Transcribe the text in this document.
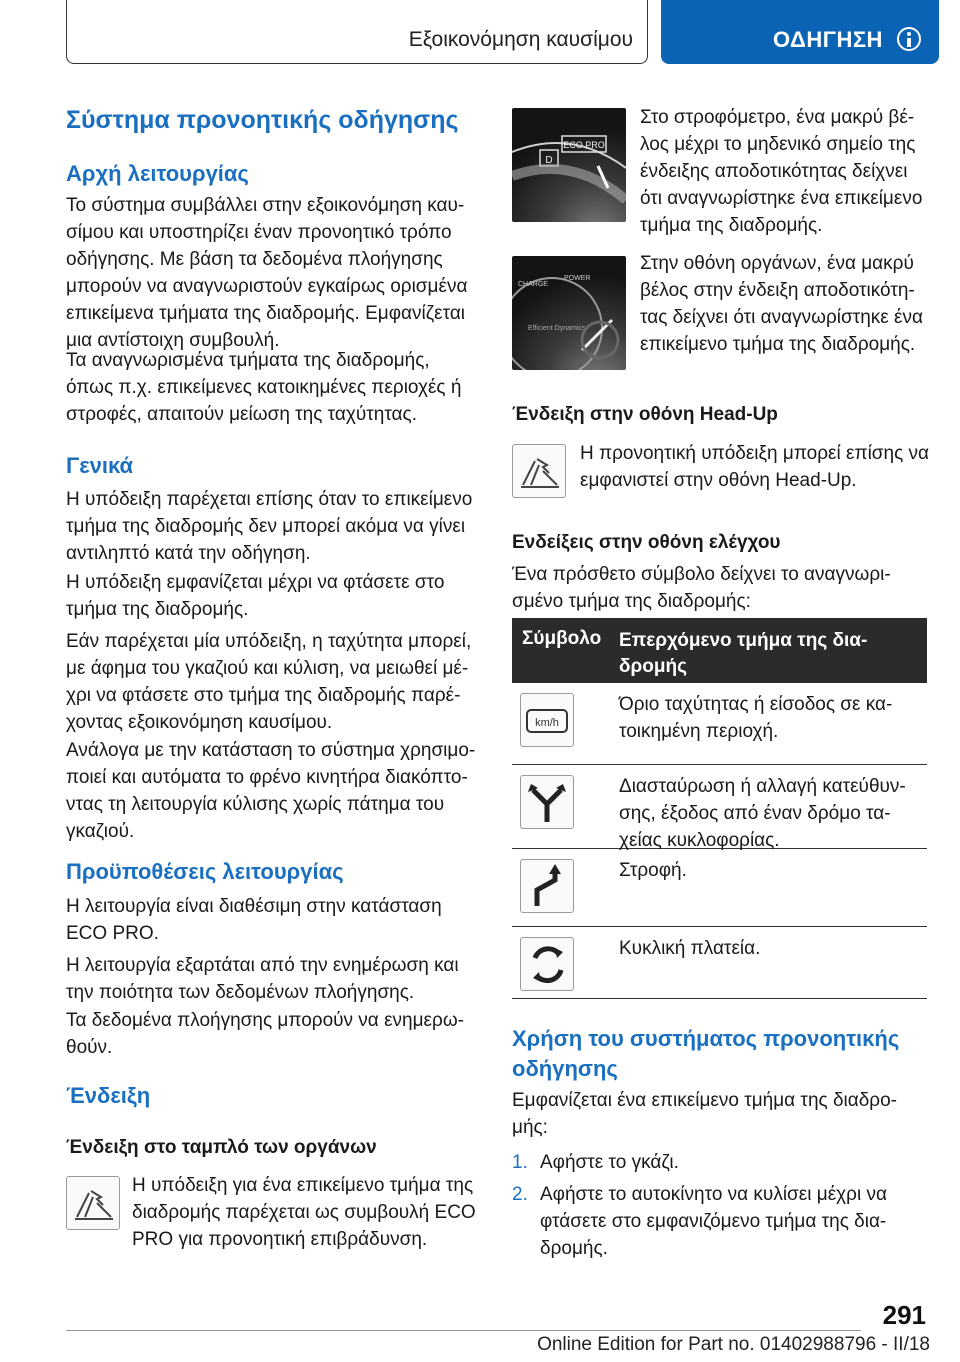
Εξοικονόμηση καυσίμου	ΟΔΗΓΗΣΗ
Σύστημα προνοητικής οδήγησης
Αρχή λειτουργίας
Το σύστημα συμβάλλει στην εξοικονόμηση καυ-σίμου και υποστηρίζει έναν προνοητικό τρόπο οδήγησης. Με βάση τα δεδομένα πλοήγησης μπορούν να αναγνωριστούν εγκαίρως ορισμένα επικείμενα τμήματα της διαδρομής. Εμφανίζεται μια αντίστοιχη συμβουλή.
Τα αναγνωρισμένα τμήματα της διαδρομής, όπως π.χ. επικείμενες κατοικημένες περιοχές ή στροφές, απαιτούν μείωση της ταχύτητας.
Γενικά
Η υπόδειξη παρέχεται επίσης όταν το επικείμενο τμήμα της διαδρομής δεν μπορεί ακόμα να γίνει αντιληπτό κατά την οδήγηση.
Η υπόδειξη εμφανίζεται μέχρι να φτάσετε στο τμήμα της διαδρομής.
Εάν παρέχεται μία υπόδειξη, η ταχύτητα μπορεί, με άφημα του γκαζιού και κύλιση, να μειωθεί μέ-χρι να φτάσετε στο τμήμα της διαδρομής παρέ-χοντας εξοικονόμηση καυσίμου.
Ανάλογα με την κατάσταση το σύστημα χρησιμο-ποιεί και αυτόματα το φρένο κινητήρα διακόπτο-ντας τη λειτουργία κύλισης χωρίς πάτημα του γκαζιού.
Προϋποθέσεις λειτουργίας
Η λειτουργία είναι διαθέσιμη στην κατάσταση ECO PRO.
Η λειτουργία εξαρτάται από την ενημέρωση και την ποιότητα των δεδομένων πλοήγησης.
Τα δεδομένα πλοήγησης μπορούν να ενημερω-θούν.
Ένδειξη
Ένδειξη στο ταμπλό των οργάνων
Η υπόδειξη για ένα επικείμενο τμήμα της διαδρομής παρέχεται ως συμβουλή ECO PRO για προνοητική επιβράδυνση.
D
ECO PRO
Στο στροφόμετρο, ένα μακρύ βέ-λος μέχρι το μηδενικό σημείο της ένδειξης αποδοτικότητας δείχνει ότι αναγνωρίστηκε ένα επικείμενο τμήμα της διαδρομής.
CHARGE
POWER
Efficient Dynamics
Στην οθόνη οργάνων, ένα μακρύ βέλος στην ένδειξη αποδοτικότη-τας δείχνει ότι αναγνωρίστηκε ένα επικείμενο τμήμα της διαδρομής.
Ένδειξη στην οθόνη Head-Up
Η προνοητική υπόδειξη μπορεί επίσης να εμφανιστεί στην οθόνη Head-Up.
Ενδείξεις στην οθόνη ελέγχου
Ένα πρόσθετο σύμβολο δείχνει το αναγνωρι-σμένο τμήμα της διαδρομής:
Σύμβολο Επερχόμενο τμήμα της δια-δρομής
km/h
Όριο ταχύτητας ή είσοδος σε κα-τοικημένη περιοχή.
Διασταύρωση ή αλλαγή κατεύθυν-σης, έξοδος από έναν δρόμο τα-χείας κυκλοφορίας.
Στροφή.
Κυκλική πλατεία.
Χρήση του συστήματος προνοητικής οδήγησης
Εμφανίζεται ένα επικείμενο τμήμα της διαδρο-μής:
1. Αφήστε το γκάζι.
2. Αφήστε το αυτοκίνητο να κυλίσει μέχρι να φτάσετε στο εμφανιζόμενο τμήμα της δια-δρομής.
291
Online Edition for Part no. 01402988796 - II/18
